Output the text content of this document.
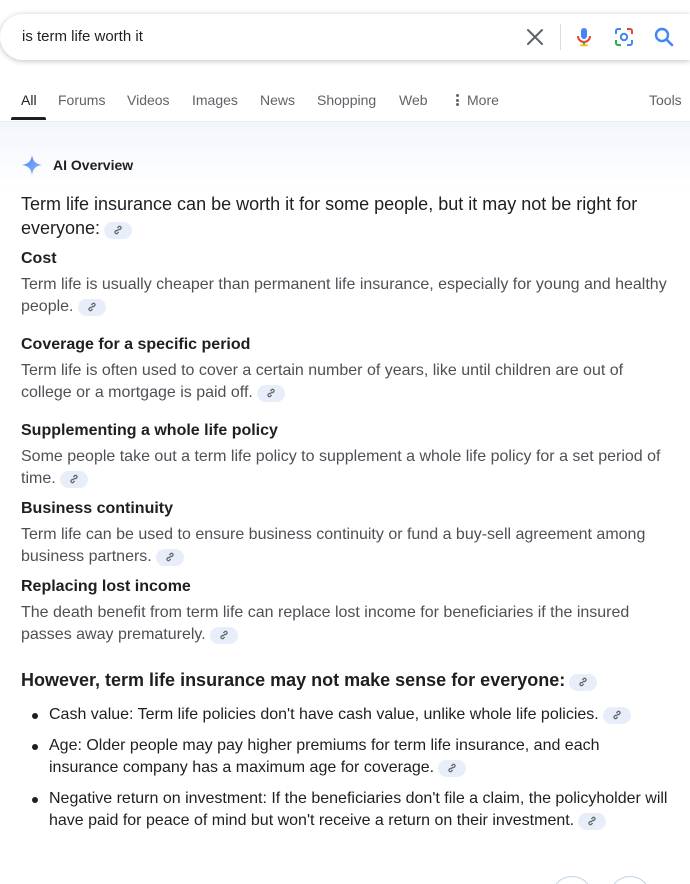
is term life worth it
All Forums Videos Images News Shopping Web	More	Tools
AI Overview

Term life insurance can be worth it for some people, but it may not be right for everyone:

Cost

Term life is usually cheaper than permanent life insurance, especially for young and healthy people.

Coverage for a specific period

Term life is often used to cover a certain number of years, like until children are out of college or a mortgage is paid off.

Supplementing a whole life policy

Some people take out a term life policy to supplement a whole life policy for a set period of time.

Business continuity

Term life can be used to ensure business continuity or fund a buy-sell agreement among business partners.

Replacing lost income

The death benefit from term life can replace lost income for beneficiaries if the insured passes away prematurely.

However, term life insurance may not make sense for everyone:

Cash value: Term life policies don't have cash value, unlike whole life policies.
Age: Older people may pay higher premiums for term life insurance, and each insurance company has a maximum age for coverage.
Negative return on investment: If the beneficiaries don't file a claim, the policyholder will have paid for peace of mind but won't receive a return on their investment.
